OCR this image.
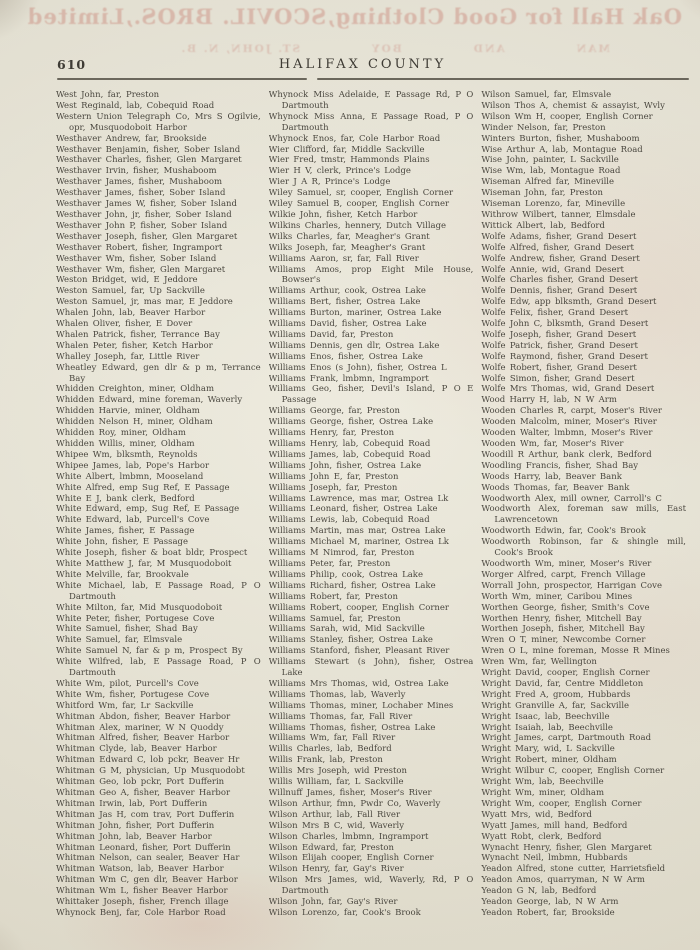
Oak Hall for Good Clothing,
SCOVIL. BROS.,
Limited
MAN
AND
BOY
ST. JOHN, N. B.
610	HALIFAX COUNTY

West John, far, Preston

West Reginald, lab, Cobequid Road

Western Union Telegraph Co, Mrs S Ogilvie, opr, Musquodoboit Harbor

Westhaver Andrew, far, Brookside

Westhaver Benjamin, fisher, Sober Island

Westhaver Charles, fisher, Glen Margaret

Westhaver Irvin, fisher, Mushaboom

Westhaver James, fisher, Mushaboom

Westhaver James, fisher, Sober Island

Westhaver James W, fisher, Sober Island

Westhaver John, jr, fisher, Sober Island

Westhaver John P, fisher, Sober Island

Westhaver Joseph, fisher, Glen Margaret

Westhaver Robert, fisher, Ingramport

Westhaver Wm, fisher, Sober Island

Westhaver Wm, fisher, Glen Margaret

Weston Bridget, wid, E Jeddore

Weston Samuel, far, Up Sackville

Weston Samuel, jr, mas mar, E Jeddore

Whalen John, lab, Beaver Harbor

Whalen Oliver, fisher, E Dover

Whalen Patrick, fisher, Terrance Bay

Whalen Peter, fisher, Ketch Harbor

Whalley Joseph, far, Little River

Wheatley Edward, gen dlr & p m, Terrance Bay

Whidden Creighton, miner, Oldham

Whidden Edward, mine foreman, Waverly

Whidden Harvie, miner, Oldham

Whidden Nelson H, miner, Oldham

Whidden Roy, miner, Oldham

Whidden Willis, miner, Oldham

Whipee Wm, blksmth, Reynolds

Whipee James, lab, Pope's Harbor

White Albert, lmbmn, Mooseland

White Alfred, emp Sug Ref, E Passage

White E J, bank clerk, Bedford

White Edward, emp, Sug Ref, E Passage

White Edward, lab, Purcell's Cove

White James, fisher, E Passage

White John, fisher, E Passage

White Joseph, fisher & boat bldr, Prospect

White Matthew J, far, M Musquodoboit

White Melville, far, Brookvale

White Michael, lab, E Passage Road, P O Dartmouth

White Milton, far, Mid Musquodoboit

White Peter, fisher, Portugese Cove

White Samuel, fisher, Shad Bay

White Samuel, far, Elmsvale

White Samuel N, far & p m, Prospect By

White Wilfred, lab, E Passage Road, P O Dartmouth

White Wm, pilot, Purcell's Cove

White Wm, fisher, Portugese Cove

Whitford Wm, far, Lr Sackville

Whitman Abdon, fisher, Beaver Harbor

Whitman Alex, mariner, W N Quoddy

Whitman Alfred, fisher, Beaver Harbor

Whitman Clyde, lab, Beaver Harbor

Whitman Edward C, lob pckr, Beaver Hr

Whitman G M, physician, Up Musquodobt

Whitman Geo, lob pckr, Port Dufferin

Whitman Geo A, fisher, Beaver Harbor

Whitman Irwin, lab, Port Dufferin

Whitman Jas H, com trav, Port Dufferin

Whitman John, fisher, Port Dufferin

Whitman John, lab, Beaver Harbor

Whitman Leonard, fisher, Port Dufferin

Whitman Nelson, can sealer, Beaver Har

Whitman Watson, lab, Beaver Harbor

Whitman Wm C, gen dlr, Beaver Harbor

Whitman Wm L, fisher Beaver Harbor

Whittaker Joseph, fisher, French illage

Whynock Benj, far, Cole Harbor Road

Whynock Miss Adelaide, E Passage Rd, P O Dartmouth

Whynock Miss Anna, E Passage Road, P O Dartmouth

Whynock Enos, far, Cole Harbor Road

Wier Clifford, far, Middle Sackville

Wier Fred, tmstr, Hammonds Plains

Wier H V, clerk, Prince's Lodge

Wier J A R, Prince's Lodge

Wiley Samuel, sr, cooper, English Corner

Wiley Samuel B, cooper, English Corner

Wilkie John, fisher, Ketch Harbor

Wilkins Charles, hennery, Dutch Village

Wilks Charles, far, Meagher's Grant

Wilks Joseph, far, Meagher's Grant

Williams Aaron, sr, far, Fall River

Williams Amos, prop Eight Mile House, Bowser's

Williams Arthur, cook, Ostrea Lake

Williams Bert, fisher, Ostrea Lake

Williams Burton, mariner, Ostrea Lake

Williams David, fisher, Ostrea Lake

Williams David, far, Preston

Williams Dennis, gen dlr, Ostrea Lake

Williams Enos, fisher, Ostrea Lake

Williams Enos (s John), fisher, Ostrea L

Williams Frank, lmbmn, Ingramport

Williams Geo, fisher, Devil's Island, P O E Passage

Williams George, far, Preston

Williams George, fisher, Ostrea Lake

Williams Henry, far, Preston

Williams Henry, lab, Cobequid Road

Williams James, lab, Cobequid Road

Williams John, fisher, Ostrea Lake

Williams John E, far, Preston

Williams Joseph, far, Preston

Williams Lawrence, mas mar, Ostrea Lk

Williams Leonard, fisher, Ostrea Lake

Williams Lewis, lab, Cobequid Road

Williams Martin, mas mar, Ostrea Lake

Williams Michael M, mariner, Ostrea Lk

Williams M Nimrod, far, Preston

Williams Peter, far, Preston

Williams Philip, cook, Ostrea Lake

Williams Richard, fisher, Ostrea Lake

Williams Robert, far, Preston

Williams Robert, cooper, English Corner

Williams Samuel, far, Preston

Williams Sarah, wid, Mid Sackville

Williams Stanley, fisher, Ostrea Lake

Williams Stanford, fisher, Pleasant River

Williams Stewart (s John), fisher, Ostrea Lake

Williams Mrs Thomas, wid, Ostrea Lake

Williams Thomas, lab, Waverly

Williams Thomas, miner, Lochaber Mines

Williams Thomas, far, Fall River

Williams Thomas, fisher, Ostrea Lake

Williams Wm, far, Fall River

Willis Charles, lab, Bedford

Willis Frank, lab, Preston

Willis Mrs Joseph, wid Preston

Willis William, far, L Sackville

Willnuff James, fisher, Moser's River

Wilson Arthur, fmn, Pwdr Co, Waverly

Wilson Arthur, lab, Fall River

Wilson Mrs B C, wid, Waverly

Wilson Charles, lmbmn, Ingramport

Wilson Edward, far, Preston

Wilson Elijah cooper, English Corner

Wilson Henry, far, Gay's River

Wilson Mrs James, wid, Waverly, Rd, P O Dartmouth

Wilson John, far, Gay's River

Wilson Lorenzo, far, Cook's Brook

Wilson Samuel, far, Elmsvale

Wilson Thos A, chemist & assayist, Wvly

Wilson Wm H, cooper, English Corner

Winder Nelson, far, Preston

Winters Burton, fisher, Mushaboom

Wise Arthur A, lab, Montague Road

Wise John, painter, L Sackville

Wise Wm, lab, Montague Road

Wiseman Alfred far, Mineville

Wiseman John, far, Preston

Wiseman Lorenzo, far, Mineville

Withrow Wilbert, tanner, Elmsdale

Wittick Albert, lab, Bedford

Wolfe Adams, fisher, Grand Desert

Wolfe Alfred, fisher, Grand Desert

Wolfe Andrew, fisher, Grand Desert

Wolfe Annie, wid, Grand Desert

Wolfe Charles fisher, Grand Desert

Wolfe Dennis, fisher, Grand Desert

Wolfe Edw, app blksmth, Grand Desert

Wolfe Felix, fisher, Grand Desert

Wolfe John C, blksmth, Grand Desert

Wolfe Joseph, fisher, Grand Desert

Wolfe Patrick, fisher, Grand Desert

Wolfe Raymond, fisher, Grand Desert

Wolfe Robert, fisher, Grand Desert

Wolfe Simon, fisher, Grand Desert

Wolfe Mrs Thomas, wid, Grand Desert

Wood Harry H, lab, N W Arm

Wooden Charles R, carpt, Moser's River

Wooden Malcolm, miner, Moser's River

Wooden Walter, lmbmn, Moser's River

Wooden Wm, far, Moser's River

Woodill R Arthur, bank clerk, Bedford

Woodling Francis, fisher, Shad Bay

Woods Harry, lab, Beaver Bank

Woods Thomas, far, Beaver Bank

Woodworth Alex, mill owner, Carroll's C

Woodworth Alex, foreman saw mills, East Lawrencetown

Woodworth Edwin, far, Cook's Brook

Woodworth Robinson, far & shingle mill, Cook's Brook

Woodworth Wm, miner, Moser's River

Worger Alfred, carpt, French Village

Worrall John, prospector, Harrigan Cove

Worth Wm, miner, Caribou Mines

Worthen George, fisher, Smith's Cove

Worthen Henry, fisher, Mitchell Bay

Worthen Joseph, fisher, Mitchell Bay

Wren O T, miner, Newcombe Corner

Wren O L, mine foreman, Mosse R Mines

Wren Wm, far, Wellington

Wright David, cooper, English Corner

Wright David, far, Centre Middleton

Wright Fred A, groom, Hubbards

Wright Granville A, far, Sackville

Wright Isaac, lab, Beechville

Wright Isaiah, lab, Beechville

Wright James, carpt, Dartmouth Road

Wright Mary, wid, L Sackville

Wright Robert, miner, Oldham

Wright Wilbur C, cooper, English Corner

Wright Wm, lab, Beechville

Wright Wm, miner, Oldham

Wright Wm, cooper, English Corner

Wyatt Mrs, wid, Bedford

Wyatt James, mill hand, Bedford

Wyatt Robt, clerk, Bedford

Wynacht Henry, fisher, Glen Margaret

Wynacht Neil, lmbmn, Hubbards

Yeadon Alfred, stone cutter, Harrietsfield

Yeadon Amos, quarryman, N W Arm

Yeadon G N, lab, Bedford

Yeadon George, lab, N W Arm

Yeadon Robert, far, Brookside
